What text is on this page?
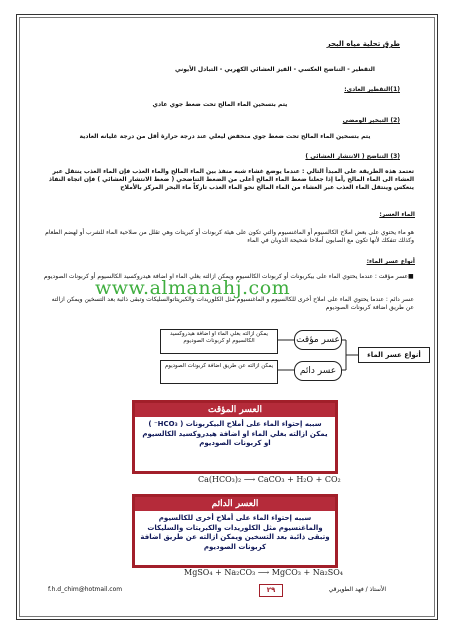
طرق تحلية مياه البحر
التقطير - التناضح العكسي - الفيز الغشائي الكهربي - التبادل الأيوني
(1)التقطير العادي:
يتم بتسخين الماء المالح تحت ضغط جوي عادي
(2) التبخير الومضي
يتم بتسخين الماء المالح تحت ضغط جوي منخفض ليغلي عند درجة حرارة أقل من درجة غليانه العادية
(3) التناضح ( الانتشار الغشائي )
تعتمد هذه الطريقة على المبدأ التالي : عندما يوضع غشاء شبه منفذ بين الماء المالح والماء العذب فإن الماء العذب ينتقل عبر الغشاء الى الماء المالح ,أما إذا جعلنا ضغط الماء المالح أعلى من الضغط التناضحي ( ضغط الانتشار الغشائي ) فإن اتجاه النفاذ ينعكس وينتقل الماء العذب عبر الغشاء من الماء المالح نحو الماء العذب تاركاً ماء البحر المركز بالأملاح
الماء العسر:
هو ماء يحتوي على بعض املاح الكالسيوم أو الماغنسيوم والتي تكون على هيئة كربونات أو كبريتات وهي تقلل من صلاحية الماء للشرب أو لهضم الطعام وكذلك تتفكك لأنها تكون مع الصابون أملاحا شحيحة الذوبان في الماء
أنواع عسر الماء:
عسر مؤقت : عندما يحتوي الماء على بيكربونات أو كربونات الكالسيوم ويمكن ازالته بغلي الماء او اضافة هيدروكسيد الكالسيوم أو كربونات الصوديوم ■
عسر دائم : عندما يحتوي الماء على املاح أخرى للكالسيوم و الماغنسيوم مثل الكلوريدات والكبريتاتوالسليكات وتبقى ذائبة بعد التسخين ويمكن ازالته عن طريق اضافة كربونات الصوديوم
www.almanahj.com
أنواع عسر الماء
عسر مؤقت
عسر دائم
يمكن ازالته بغلي الماء او اضافة هيدروكسيد الكالسيوم او كربونات الصوديوم
يمكن ازالته عن طريق اضافة كربونات الصوديوم
العسر المؤقت
سببه إحتواء الماء على أملاح البيكربونات ( HCO₃⁻ ) يمكن ازالته بغلي الماء او اضافة هيدروكسيد الكالسيوم او كربونات الصوديوم
Ca(HCO₃)₂ ⟶ CaCO₃ + H₂O + CO₂
العسر الدائم
سببه إحتواء الماء على أملاح أخرى للكالسيوم والماغنسيوم مثل الكلوريدات والكبريتات والسليكات وتبقى ذائبة بعد التسخين ويمكن ازالته عن طريق اضافة كربونات الصوديوم
MgSO₄ + Na₂CO₃ ⟶ MgCO₃ + Na₂SO₄
f.h.d_chim@hotmail.com	٢٩	الأستاذ / فهد الطويرقي
